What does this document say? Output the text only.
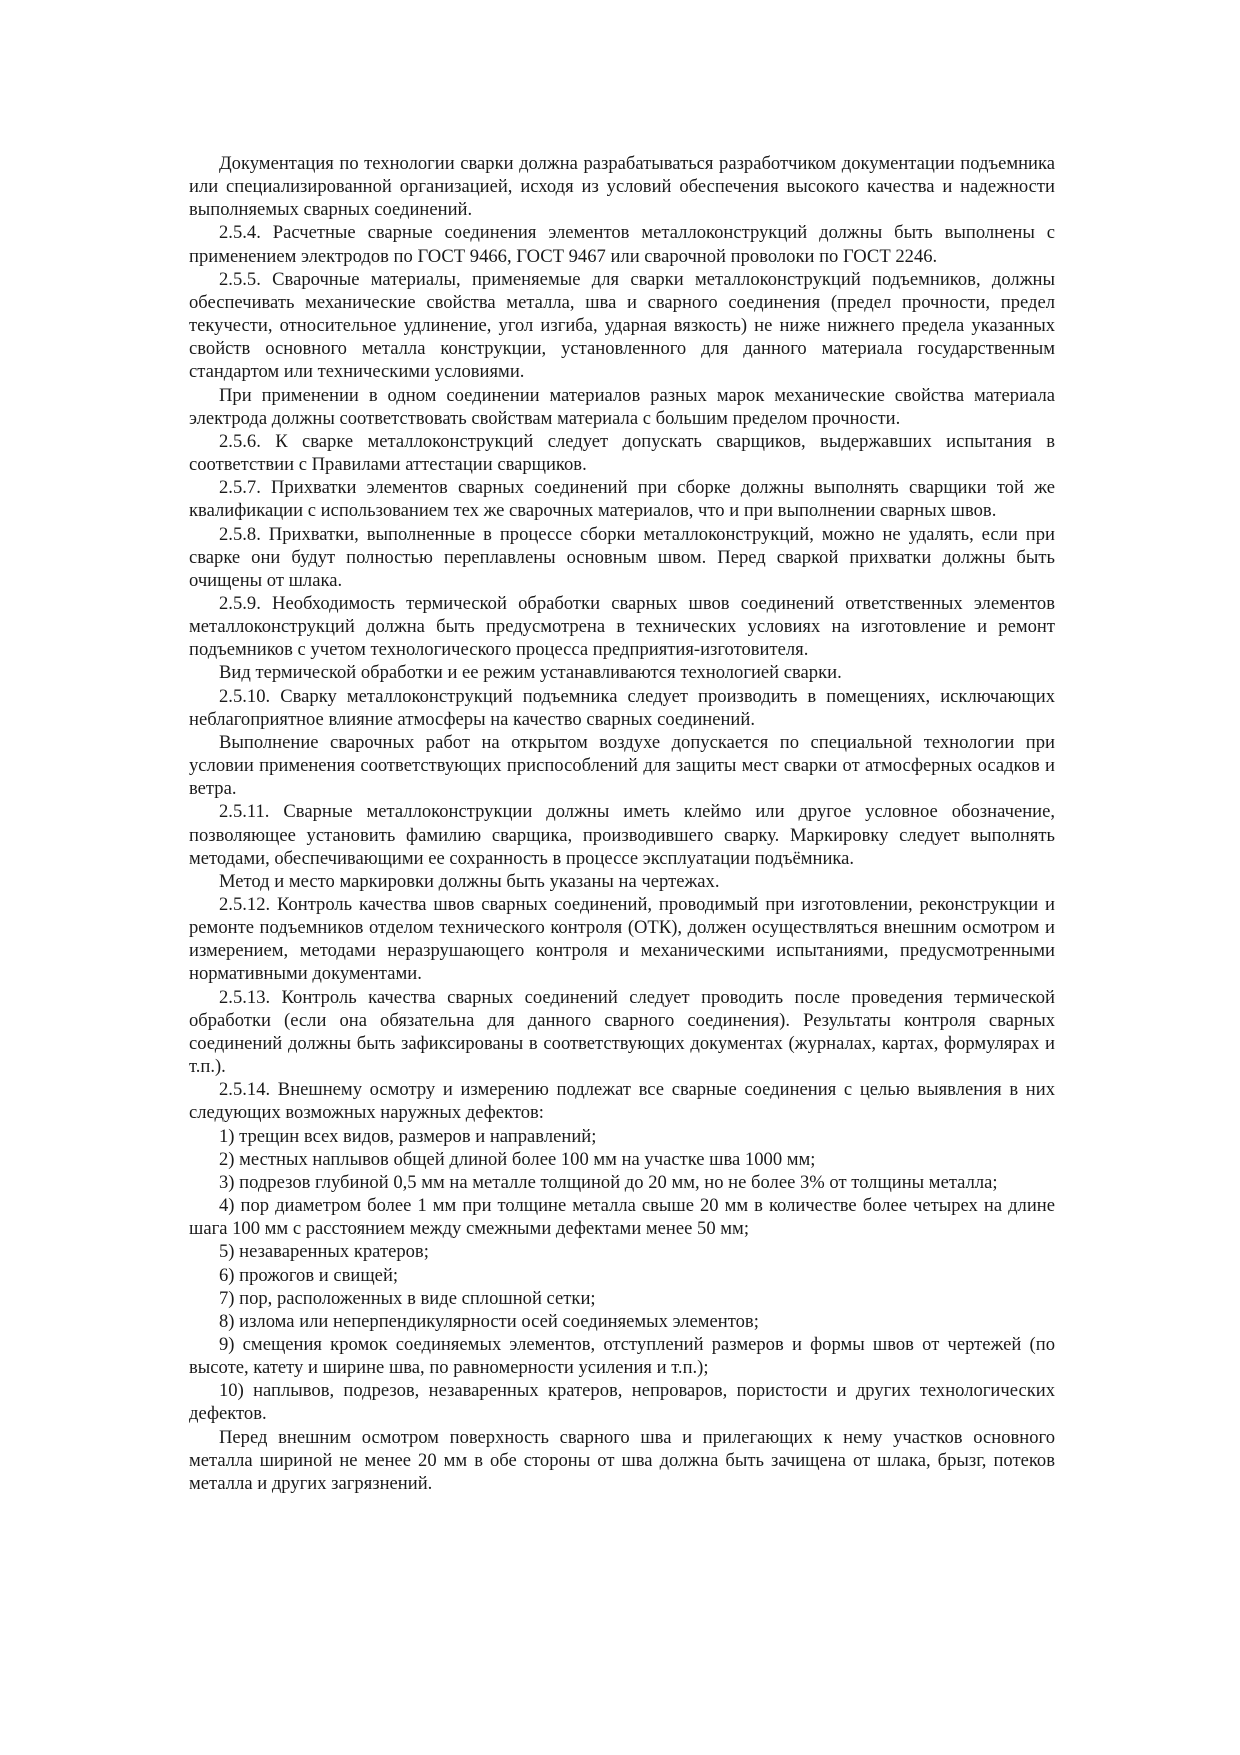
Документация по технологии сварки должна разрабатываться разработчиком документации подъемника или специализированной организацией, исходя из условий обеспечения высокого качества и надежности выполняемых сварных соединений.

2.5.4. Расчетные сварные соединения элементов металлоконструкций должны быть выполнены с применением электродов по ГОСТ 9466, ГОСТ 9467 или сварочной проволоки по ГОСТ 2246.

2.5.5. Сварочные материалы, применяемые для сварки металлоконструкций подъемников, должны обеспечивать механические свойства металла, шва и сварного соединения (предел прочности, предел текучести, относительное удлинение, угол изгиба, ударная вязкость) не ниже нижнего предела указанных свойств основного металла конструкции, установленного для данного материала государственным стандартом или техническими условиями.

При применении в одном соединении материалов разных марок механические свойства материала электрода должны соответствовать свойствам материала с большим пределом прочности.

2.5.6. К сварке металлоконструкций следует допускать сварщиков, выдержавших испытания в соответствии с Правилами аттестации сварщиков.

2.5.7. Прихватки элементов сварных соединений при сборке должны выполнять сварщики той же квалификации с использованием тех же сварочных материалов, что и при выполнении сварных швов.

2.5.8. Прихватки, выполненные в процессе сборки металлоконструкций, можно не удалять, если при сварке они будут полностью переплавлены основным швом. Перед сваркой прихватки должны быть очищены от шлака.

2.5.9. Необходимость термической обработки сварных швов соединений ответственных элементов металлоконструкций должна быть предусмотрена в технических условиях на изготовление и ремонт подъемников с учетом технологического процесса предприятия-изготовителя.

Вид термической обработки и ее режим устанавливаются технологией сварки.

2.5.10. Сварку металлоконструкций подъемника следует производить в помещениях, исключающих неблагоприятное влияние атмосферы на качество сварных соединений.

Выполнение сварочных работ на открытом воздухе допускается по специальной технологии при условии применения соответствующих приспособлений для защиты мест сварки от атмосферных осадков и ветра.

2.5.11. Сварные металлоконструкции должны иметь клеймо или другое условное обозначение, позволяющее установить фамилию сварщика, производившего сварку. Маркировку следует выполнять методами, обеспечивающими ее сохранность в процессе эксплуатации подъёмника.

Метод и место маркировки должны быть указаны на чертежах.

2.5.12. Контроль качества швов сварных соединений, проводимый при изготовлении, реконструкции и ремонте подъемников отделом технического контроля (ОТК), должен осуществляться внешним осмотром и измерением, методами неразрушающего контроля и механическими испытаниями, предусмотренными нормативными документами.

2.5.13. Контроль качества сварных соединений следует проводить после проведения термической обработки (если она обязательна для данного сварного соединения). Результаты контроля сварных соединений должны быть зафиксированы в соответствующих документах (журналах, картах, формулярах и т.п.).

2.5.14. Внешнему осмотру и измерению подлежат все сварные соединения с целью выявления в них следующих возможных наружных дефектов:

1) трещин всех видов, размеров и направлений;

2) местных наплывов общей длиной более 100 мм на участке шва 1000 мм;

3) подрезов глубиной 0,5 мм на металле толщиной до 20 мм, но не более 3% от толщины металла;

4) пор диаметром более 1 мм при толщине металла свыше 20 мм в количестве более четырех на длине шага 100 мм с расстоянием между смежными дефектами менее 50 мм;

5) незаваренных кратеров;

6) прожогов и свищей;

7) пор, расположенных в виде сплошной сетки;

8) излома или неперпендикулярности осей соединяемых элементов;

9) смещения кромок соединяемых элементов, отступлений размеров и формы швов от чертежей (по высоте, катету и ширине шва, по равномерности усиления и т.п.);

10) наплывов, подрезов, незаваренных кратеров, непроваров, пористости и других технологических дефектов.

Перед внешним осмотром поверхность сварного шва и прилегающих к нему участков основного металла шириной не менее 20 мм в обе стороны от шва должна быть зачищена от шлака, брызг, потеков металла и других загрязнений.
